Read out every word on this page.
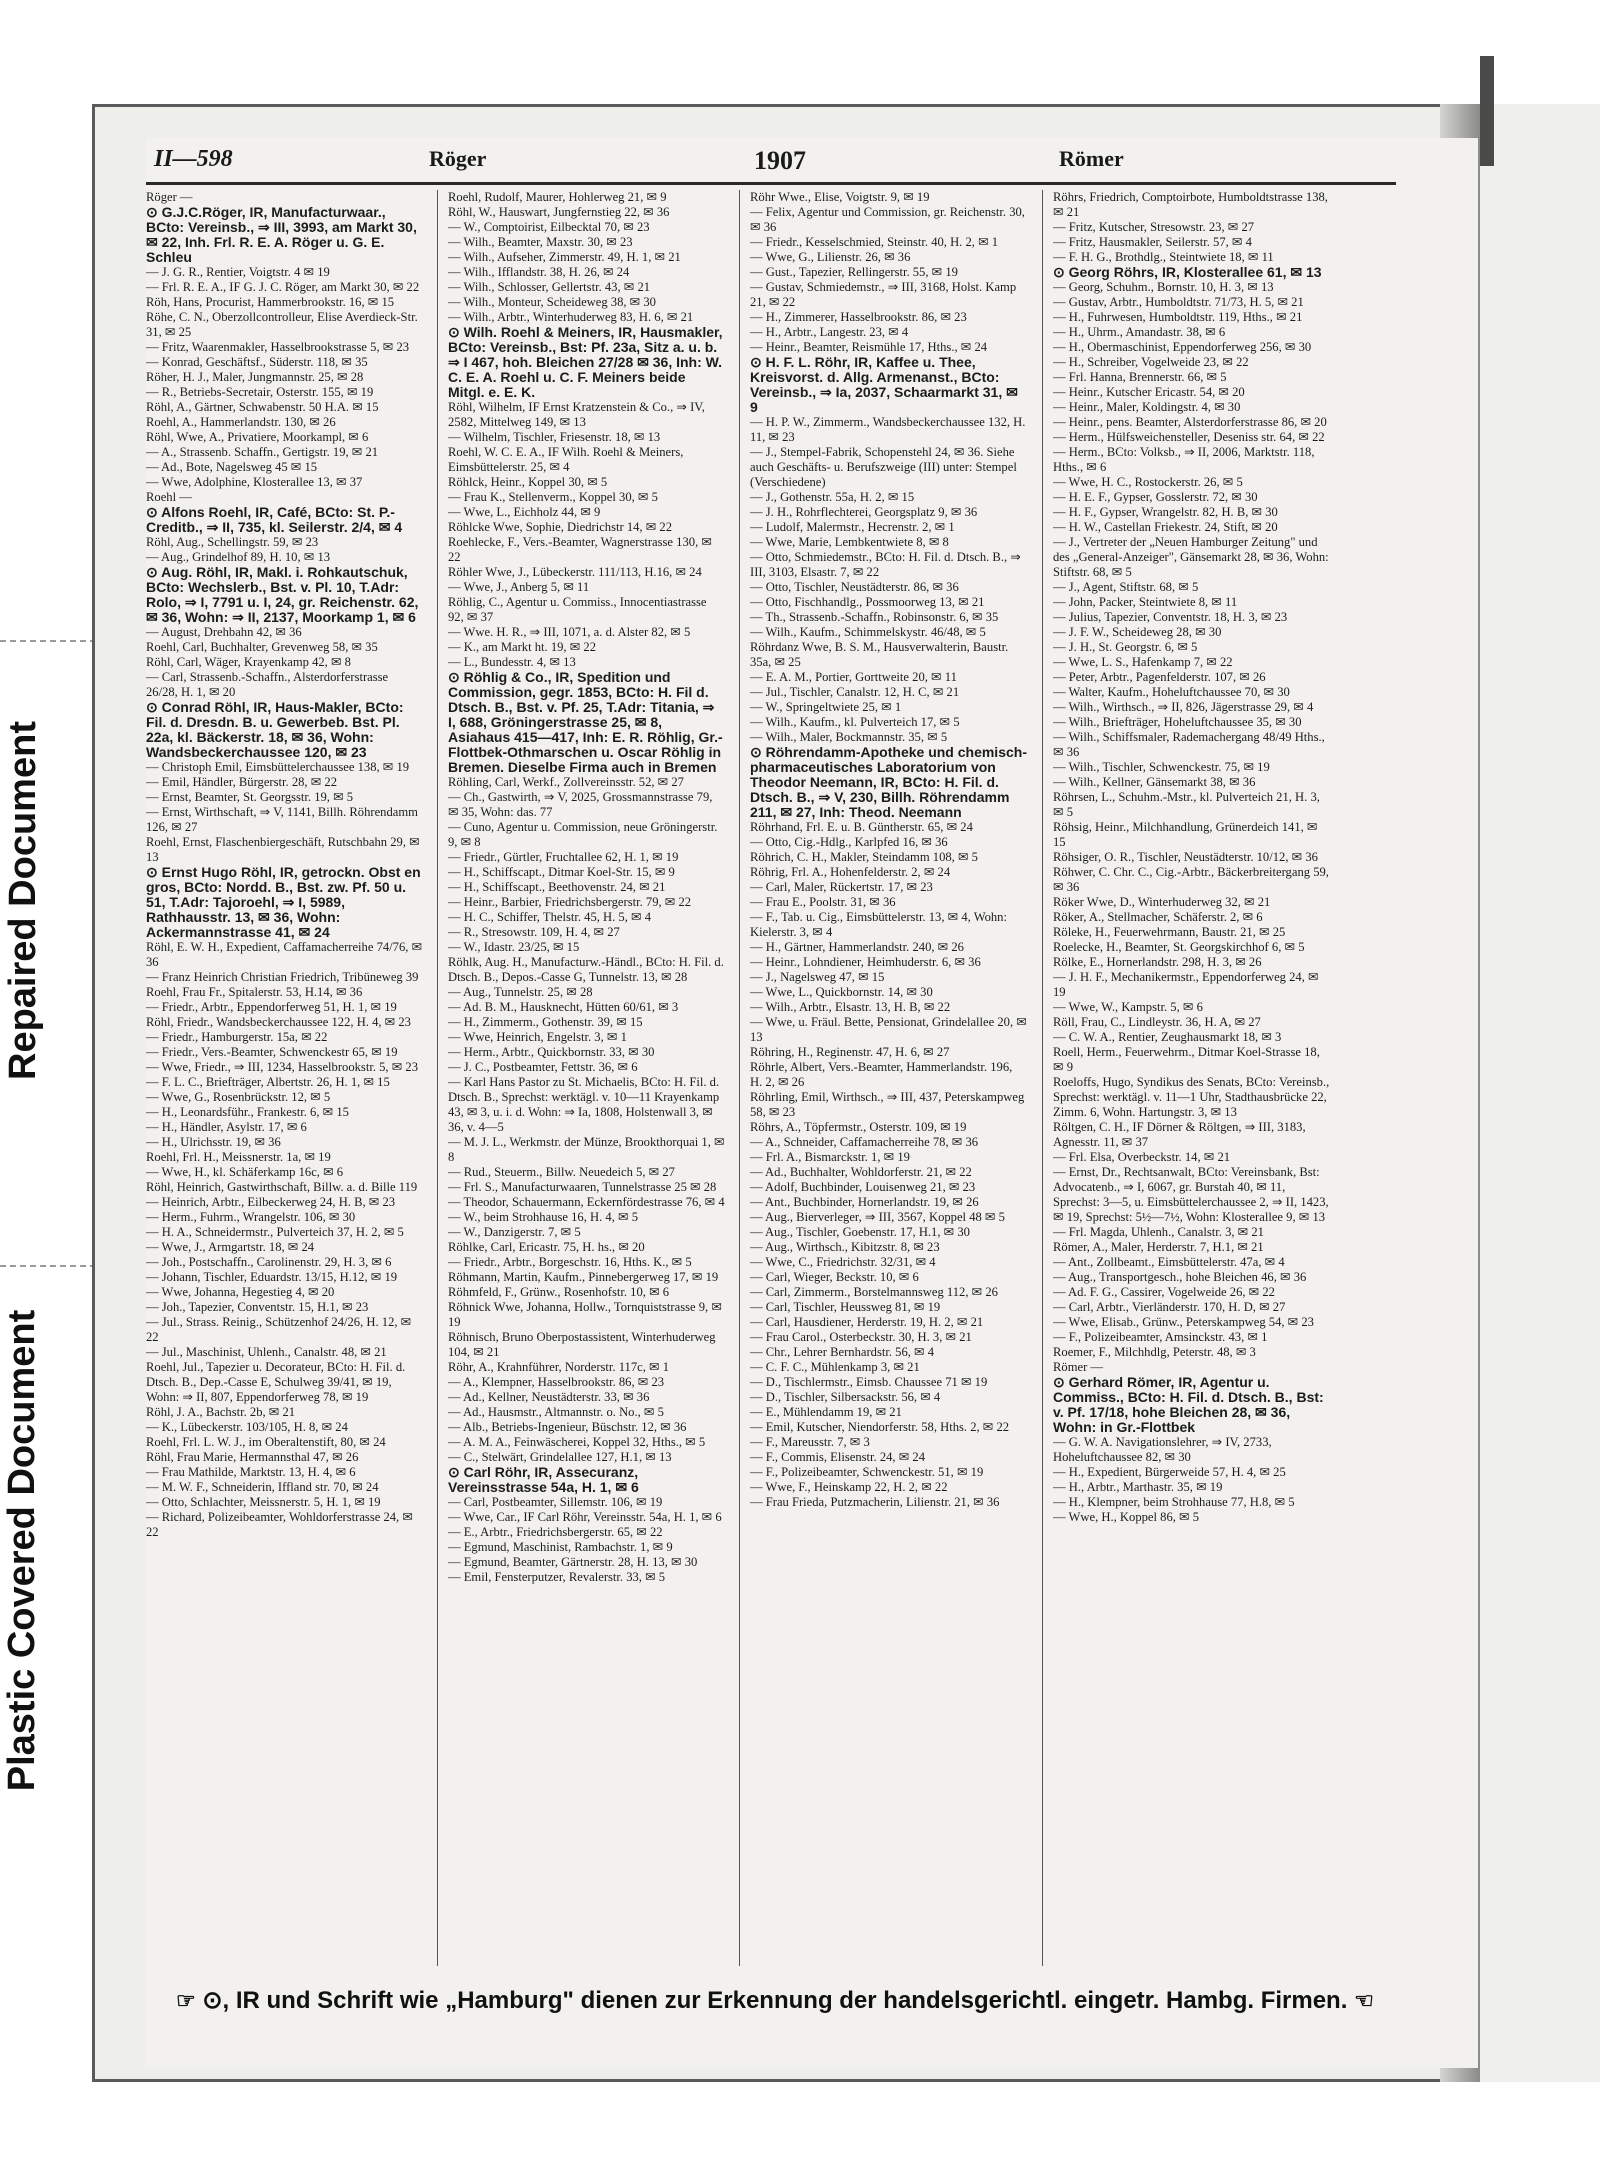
Repaired Document
Plastic Covered Document
II—598	Röger	1907	Römer
Röger —
⊙ G.J.C.Röger, IR, Manufacturwaar., BCto: Vereinsb., ⇒ III, 3993, am Markt 30, ✉ 22, Inh. Frl. R. E. A. Röger u. G. E. Schleu
— J. G. R., Rentier, Voigtstr. 4 ✉ 19
— Frl. R. E. A., IF G. J. C. Röger, am Markt 30, ✉ 22
Röh, Hans, Procurist, Hammerbrookstr. 16, ✉ 15
Röhe, C. N., Oberzollcontrolleur, Elise Averdieck-Str. 31, ✉ 25
— Fritz, Waarenmakler, Hasselbrookstrasse 5, ✉ 23
— Konrad, Geschäftsf., Süderstr. 118, ✉ 35
Röher, H. J., Maler, Jungmannstr. 25, ✉ 28
— R., Betriebs-Secretair, Osterstr. 155, ✉ 19
Röhl, A., Gärtner, Schwabenstr. 50 H.A. ✉ 15
Roehl, A., Hammerlandstr. 130, ✉ 26
Röhl, Wwe, A., Privatiere, Moorkampl, ✉ 6
— A., Strassenb. Schaffn., Gertigstr. 19, ✉ 21
— Ad., Bote, Nagelsweg 45 ✉ 15
— Wwe, Adolphine, Klosterallee 13, ✉ 37
Roehl —
⊙ Alfons Roehl, IR, Café, BCto: St. P.-Creditb., ⇒ II, 735, kl. Seilerstr. 2/4, ✉ 4
Röhl, Aug., Schellingstr. 59, ✉ 23
— Aug., Grindelhof 89, H. 10, ✉ 13
⊙ Aug. Röhl, IR, Makl. i. Rohkautschuk, BCto: Wechslerb., Bst. v. Pl. 10, T.Adr: Rolo, ⇒ I, 7791 u. I, 24, gr. Reichenstr. 62, ✉ 36, Wohn: ⇒ II, 2137, Moorkamp 1, ✉ 6
— August, Drehbahn 42, ✉ 36
Roehl, Carl, Buchhalter, Grevenweg 58, ✉ 35
Röhl, Carl, Wäger, Krayenkamp 42, ✉ 8
— Carl, Strassenb.-Schaffn., Alsterdorferstrasse 26/28, H. 1, ✉ 20
⊙ Conrad Röhl, IR, Haus-Makler, BCto: Fil. d. Dresdn. B. u. Gewerbeb. Bst. Pl. 22a, kl. Bäckerstr. 18, ✉ 36, Wohn: Wandsbeckerchaussee 120, ✉ 23
— Christoph Emil, Eimsbüttelerchaussee 138, ✉ 19
— Emil, Händler, Bürgerstr. 28, ✉ 22
— Ernst, Beamter, St. Georgsstr. 19, ✉ 5
— Ernst, Wirthschaft, ⇒ V, 1141, Billh. Röhrendamm 126, ✉ 27
Roehl, Ernst, Flaschenbiergeschäft, Rutschbahn 29, ✉ 13
⊙ Ernst Hugo Röhl, IR, getrockn. Obst en gros, BCto: Nordd. B., Bst. zw. Pf. 50 u. 51, T.Adr: Tajoroehl, ⇒ I, 5989, Rathhausstr. 13, ✉ 36, Wohn: Ackermannstrasse 41, ✉ 24
Röhl, E. W. H., Expedient, Caffamacherreihe 74/76, ✉ 36
— Franz Heinrich Christian Friedrich, Tribüneweg 39
Roehl, Frau Fr., Spitalerstr. 53, H.14, ✉ 36
— Friedr., Arbtr., Eppendorferweg 51, H. 1, ✉ 19
Röhl, Friedr., Wandsbeckerchaussee 122, H. 4, ✉ 23
— Friedr., Hamburgerstr. 15a, ✉ 22
— Friedr., Vers.-Beamter, Schwenckestr 65, ✉ 19
— Wwe, Friedr., ⇒ III, 1234, Hasselbrookstr. 5, ✉ 23
— F. L. C., Briefträger, Albertstr. 26, H. 1, ✉ 15
— Wwe, G., Rosenbrückstr. 12, ✉ 5
— H., Leonardsführ., Frankestr. 6, ✉ 15
— H., Händler, Asylstr. 17, ✉ 6
— H., Ulrichsstr. 19, ✉ 36
Roehl, Frl. H., Meissnerstr. 1a, ✉ 19
— Wwe, H., kl. Schäferkamp 16c, ✉ 6
Röhl, Heinrich, Gastwirthschaft, Billw. a. d. Bille 119
— Heinrich, Arbtr., Eilbeckerweg 24, H. B, ✉ 23
— Herm., Fuhrm., Wrangelstr. 106, ✉ 30
— H. A., Schneidermstr., Pulverteich 37, H. 2, ✉ 5
— Wwe, J., Armgartstr. 18, ✉ 24
— Joh., Postschaffn., Carolinenstr. 29, H. 3, ✉ 6
— Johann, Tischler, Eduardstr. 13/15, H.12, ✉ 19
— Wwe, Johanna, Hegestieg 4, ✉ 20
— Joh., Tapezier, Conventstr. 15, H.1, ✉ 23
— Jul., Strass. Reinig., Schützenhof 24/26, H. 12, ✉ 22
— Jul., Maschinist, Uhlenh., Canalstr. 48, ✉ 21
Roehl, Jul., Tapezier u. Decorateur, BCto: H. Fil. d. Dtsch. B., Dep.-Casse E, Schulweg 39/41, ✉ 19, Wohn: ⇒ II, 807, Eppendorferweg 78, ✉ 19
Röhl, J. A., Bachstr. 2b, ✉ 21
— K., Lübeckerstr. 103/105, H. 8, ✉ 24
Roehl, Frl. L. W. J., im Oberaltenstift, 80, ✉ 24
Röhl, Frau Marie, Hermannsthal 47, ✉ 26
— Frau Mathilde, Marktstr. 13, H. 4, ✉ 6
— M. W. F., Schneiderin, Iffland str. 70, ✉ 24
— Otto, Schlachter, Meissnerstr. 5, H. 1, ✉ 19
— Richard, Polizeibeamter, Wohldorferstrasse 24, ✉ 22
Roehl, Rudolf, Maurer, Hohlerweg 21, ✉ 9
Röhl, W., Hauswart, Jungfernstieg 22, ✉ 36
— W., Comptoirist, Eilbecktal 70, ✉ 23
— Wilh., Beamter, Maxstr. 30, ✉ 23
— Wilh., Aufseher, Zimmerstr. 49, H. 1, ✉ 21
— Wilh., Ifflandstr. 38, H. 26, ✉ 24
— Wilh., Schlosser, Gellertstr. 43, ✉ 21
— Wilh., Monteur, Scheideweg 38, ✉ 30
— Wilh., Arbtr., Winterhuderweg 83, H. 6, ✉ 21
⊙ Wilh. Roehl & Meiners, IR, Hausmakler, BCto: Vereinsb., Bst: Pf. 23a, Sitz a. u. b. ⇒ I 467, hoh. Bleichen 27/28 ✉ 36, Inh: W. C. E. A. Roehl u. C. F. Meiners beide Mitgl. e. E. K.
Röhl, Wilhelm, IF Ernst Kratzenstein & Co., ⇒ IV, 2582, Mittelweg 149, ✉ 13
— Wilhelm, Tischler, Friesenstr. 18, ✉ 13
Roehl, W. C. E. A., IF Wilh. Roehl & Meiners, Eimsbüttelerstr. 25, ✉ 4
Röhlck, Heinr., Koppel 30, ✉ 5
— Frau K., Stellenverm., Koppel 30, ✉ 5
— Wwe, L., Eichholz 44, ✉ 9
Röhlcke Wwe, Sophie, Diedrichstr 14, ✉ 22
Roehlecke, F., Vers.-Beamter, Wagnerstrasse 130, ✉ 22
Röhler Wwe, J., Lübeckerstr. 111/113, H.16, ✉ 24
— Wwe, J., Anberg 5, ✉ 11
Röhlig, C., Agentur u. Commiss., Innocentiastrasse 92, ✉ 37
— Wwe. H. R., ⇒ III, 1071, a. d. Alster 82, ✉ 5
— K., am Markt ht. 19, ✉ 22
— L., Bundesstr. 4, ✉ 13
⊙ Röhlig & Co., IR, Spedition und Commission, gegr. 1853, BCto: H. Fil d. Dtsch. B., Bst. v. Pf. 25, T.Adr: Titania, ⇒ I, 688, Gröningerstrasse 25, ✉ 8, Asiahaus 415—417, Inh: E. R. Röhlig, Gr.-Flottbek-Othmarschen u. Oscar Röhlig in Bremen. Dieselbe Firma auch in Bremen
Röhling, Carl, Werkf., Zollvereinsstr. 52, ✉ 27
— Ch., Gastwirth, ⇒ V, 2025, Grossmannstrasse 79, ✉ 35, Wohn: das. 77
— Cuno, Agentur u. Commission, neue Gröningerstr. 9, ✉ 8
— Friedr., Gürtler, Fruchtallee 62, H. 1, ✉ 19
— H., Schiffscapt., Ditmar Koel-Str. 15, ✉ 9
— H., Schiffscapt., Beethovenstr. 24, ✉ 21
— Heinr., Barbier, Friedrichsbergerstr. 79, ✉ 22
— H. C., Schiffer, Thelstr. 45, H. 5, ✉ 4
— R., Stresowstr. 109, H. 4, ✉ 27
— W., Idastr. 23/25, ✉ 15
Röhlk, Aug. H., Manufacturw.-Händl., BCto: H. Fil. d. Dtsch. B., Depos.-Casse G, Tunnelstr. 13, ✉ 28
— Aug., Tunnelstr. 25, ✉ 28
— Ad. B. M., Hausknecht, Hütten 60/61, ✉ 3
— H., Zimmerm., Gothenstr. 39, ✉ 15
— Wwe, Heinrich, Engelstr. 3, ✉ 1
— Herm., Arbtr., Quickbornstr. 33, ✉ 30
— J. C., Postbeamter, Fettstr. 36, ✉ 6
— Karl Hans Pastor zu St. Michaelis, BCto: H. Fil. d. Dtsch. B., Sprechst: werktägl. v. 10—11 Krayenkamp 43, ✉ 3, u. i. d. Wohn: ⇒ Ia, 1808, Holstenwall 3, ✉ 36, v. 4—5
— M. J. L., Werkmstr. der Münze, Brookthorquai 1, ✉ 8
— Rud., Steuerm., Billw. Neuedeich 5, ✉ 27
— Frl. S., Manufacturwaaren, Tunnelstrasse 25 ✉ 28
— Theodor, Schauermann, Eckernfördestrasse 76, ✉ 4
— W., beim Strohhause 16, H. 4, ✉ 5
— W., Danzigerstr. 7, ✉ 5
Röhlke, Carl, Ericastr. 75, H. hs., ✉ 20
— Friedr., Arbtr., Borgeschstr. 16, Hths. K., ✉ 5
Röhmann, Martin, Kaufm., Pinnebergerweg 17, ✉ 19
Röhmfeld, F., Grünw., Rosenhofstr. 10, ✉ 6
Röhnick Wwe, Johanna, Hollw., Tornquiststrasse 9, ✉ 19
Röhnisch, Bruno Oberpostassistent, Winterhuderweg 104, ✉ 21
Röhr, A., Krahnführer, Norderstr. 117c, ✉ 1
— A., Klempner, Hasselbrookstr. 86, ✉ 23
— Ad., Kellner, Neustädterstr. 33, ✉ 36
— Ad., Hausmstr., Altmannstr. o. No., ✉ 5
— Alb., Betriebs-Ingenieur, Büschstr. 12, ✉ 36
— A. M. A., Feinwäscherei, Koppel 32, Hths., ✉ 5
— C., Stelwärt, Grindelallee 127, H.1, ✉ 13
⊙ Carl Röhr, IR, Assecuranz, Vereinsstrasse 54a, H. 1, ✉ 6
— Carl, Postbeamter, Sillemstr. 106, ✉ 19
— Wwe, Car., IF Carl Röhr, Vereinsstr. 54a, H. 1, ✉ 6
— E., Arbtr., Friedrichsbergerstr. 65, ✉ 22
— Egmund, Maschinist, Rambachstr. 1, ✉ 9
— Egmund, Beamter, Gärtnerstr. 28, H. 13, ✉ 30
— Emil, Fensterputzer, Revalerstr. 33, ✉ 5
Röhr Wwe., Elise, Voigtstr. 9, ✉ 19
— Felix, Agentur und Commission, gr. Reichenstr. 30, ✉ 36
— Friedr., Kesselschmied, Steinstr. 40, H. 2, ✉ 1
— Wwe, G., Lilienstr. 26, ✉ 36
— Gust., Tapezier, Rellingerstr. 55, ✉ 19
— Gustav, Schmiedemstr., ⇒ III, 3168, Holst. Kamp 21, ✉ 22
— H., Zimmerer, Hasselbrookstr. 86, ✉ 23
— H., Arbtr., Langestr. 23, ✉ 4
— Heinr., Beamter, Reismühle 17, Hths., ✉ 24
⊙ H. F. L. Röhr, IR, Kaffee u. Thee, Kreisvorst. d. Allg. Armenanst., BCto: Vereinsb., ⇒ Ia, 2037, Schaarmarkt 31, ✉ 9
— H. P. W., Zimmerm., Wandsbeckerchaussee 132, H. 11, ✉ 23
— J., Stempel-Fabrik, Schopenstehl 24, ✉ 36. Siehe auch Geschäfts- u. Berufszweige (III) unter: Stempel (Verschiedene)
— J., Gothenstr. 55a, H. 2, ✉ 15
— J. H., Rohrflechterei, Georgsplatz 9, ✉ 36
— Ludolf, Malermstr., Hecrenstr. 2, ✉ 1
— Wwe, Marie, Lembkentwiete 8, ✉ 8
— Otto, Schmiedemstr., BCto: H. Fil. d. Dtsch. B., ⇒ III, 3103, Elsastr. 7, ✉ 22
— Otto, Tischler, Neustädterstr. 86, ✉ 36
— Otto, Fischhandlg., Possmoorweg 13, ✉ 21
— Th., Strassenb.-Schaffn., Robinsonstr. 6, ✉ 35
— Wilh., Kaufm., Schimmelskystr. 46/48, ✉ 5
Röhrdanz Wwe, B. S. M., Hausverwalterin, Baustr. 35a, ✉ 25
— E. A. M., Portier, Gorttweite 20, ✉ 11
— Jul., Tischler, Canalstr. 12, H. C, ✉ 21
— W., Springeltwiete 25, ✉ 1
— Wilh., Kaufm., kl. Pulverteich 17, ✉ 5
— Wilh., Maler, Bockmannstr. 35, ✉ 5
⊙ Röhrendamm-Apotheke und chemisch-pharmaceutisches Laboratorium von Theodor Neemann, IR, BCto: H. Fil. d. Dtsch. B., ⇒ V, 230, Billh. Röhrendamm 211, ✉ 27, Inh: Theod. Neemann
Röhrhand, Frl. E. u. B. Güntherstr. 65, ✉ 24
— Otto, Cig.-Hdlg., Karlpfed 16, ✉ 36
Röhrich, C. H., Makler, Steindamm 108, ✉ 5
Röhrig, Frl. A., Hohenfelderstr. 2, ✉ 24
— Carl, Maler, Rückertstr. 17, ✉ 23
— Frau E., Poolstr. 31, ✉ 36
— F., Tab. u. Cig., Eimsbüttelerstr. 13, ✉ 4, Wohn: Kielerstr. 3, ✉ 4
— H., Gärtner, Hammerlandstr. 240, ✉ 26
— Heinr., Lohndiener, Heimhuderstr. 6, ✉ 36
— J., Nagelsweg 47, ✉ 15
— Wwe, L., Quickbornstr. 14, ✉ 30
— Wilh., Arbtr., Elsastr. 13, H. B, ✉ 22
— Wwe, u. Fräul. Bette, Pensionat, Grindelallee 20, ✉ 13
Röhring, H., Reginenstr. 47, H. 6, ✉ 27
Röhrle, Albert, Vers.-Beamter, Hammerlandstr. 196, H. 2, ✉ 26
Röhrling, Emil, Wirthsch., ⇒ III, 437, Peterskampweg 58, ✉ 23
Röhrs, A., Töpfermstr., Osterstr. 109, ✉ 19
— A., Schneider, Caffamacherreihe 78, ✉ 36
— Frl. A., Bismarckstr. 1, ✉ 19
— Ad., Buchhalter, Wohldorferstr. 21, ✉ 22
— Adolf, Buchbinder, Louisenweg 21, ✉ 23
— Ant., Buchbinder, Hornerlandstr. 19, ✉ 26
— Aug., Bierverleger, ⇒ III, 3567, Koppel 48 ✉ 5
— Aug., Tischler, Goebenstr. 17, H.1, ✉ 30
— Aug., Wirthsch., Kibitzstr. 8, ✉ 23
— Wwe, C., Friedrichstr. 32/31, ✉ 4
— Carl, Wieger, Beckstr. 10, ✉ 6
— Carl, Zimmerm., Borstelmannsweg 112, ✉ 26
— Carl, Tischler, Heussweg 81, ✉ 19
— Carl, Hausdiener, Herderstr. 19, H. 2, ✉ 21
— Frau Carol., Osterbeckstr. 30, H. 3, ✉ 21
— Chr., Lehrer Bernhardstr. 56, ✉ 4
— C. F. C., Mühlenkamp 3, ✉ 21
— D., Tischlermstr., Eimsb. Chaussee 71 ✉ 19
— D., Tischler, Silbersackstr. 56, ✉ 4
— E., Mühlendamm 19, ✉ 21
— Emil, Kutscher, Niendorferstr. 58, Hths. 2, ✉ 22
— F., Mareusstr. 7, ✉ 3
— F., Commis, Elisenstr. 24, ✉ 24
— F., Polizeibeamter, Schwenckestr. 51, ✉ 19
— Wwe, F., Heinskamp 22, H. 2, ✉ 22
— Frau Frieda, Putzmacherin, Lilienstr. 21, ✉ 36
Röhrs, Friedrich, Comptoirbote, Humboldtstrasse 138, ✉ 21
— Fritz, Kutscher, Stresowstr. 23, ✉ 27
— Fritz, Hausmakler, Seilerstr. 57, ✉ 4
— F. H. G., Brothdlg., Steintwiete 18, ✉ 11
⊙ Georg Röhrs, IR, Klosterallee 61, ✉ 13
— Georg, Schuhm., Bornstr. 10, H. 3, ✉ 13
— Gustav, Arbtr., Humboldtstr. 71/73, H. 5, ✉ 21
— H., Fuhrwesen, Humboldtstr. 119, Hths., ✉ 21
— H., Uhrm., Amandastr. 38, ✉ 6
— H., Obermaschinist, Eppendorferweg 256, ✉ 30
— H., Schreiber, Vogelweide 23, ✉ 22
— Frl. Hanna, Brennerstr. 66, ✉ 5
— Heinr., Kutscher Ericastr. 54, ✉ 20
— Heinr., Maler, Koldingstr. 4, ✉ 30
— Heinr., pens. Beamter, Alsterdorferstrasse 86, ✉ 20
— Herm., Hülfsweichensteller, Deseniss str. 64, ✉ 22
— Herm., BCto: Volksb., ⇒ II, 2006, Marktstr. 118, Hths., ✉ 6
— Wwe, H. C., Rostockerstr. 26, ✉ 5
— H. E. F., Gypser, Gosslerstr. 72, ✉ 30
— H. F., Gypser, Wrangelstr. 82, H. B, ✉ 30
— H. W., Castellan Friekestr. 24, Stift, ✉ 20
— J., Vertreter der „Neuen Hamburger Zeitung" und des „General-Anzeiger", Gänsemarkt 28, ✉ 36, Wohn: Stiftstr. 68, ✉ 5
— J., Agent, Stiftstr. 68, ✉ 5
— John, Packer, Steintwiete 8, ✉ 11
— Julius, Tapezier, Conventstr. 18, H. 3, ✉ 23
— J. F. W., Scheideweg 28, ✉ 30
— J. H., St. Georgstr. 6, ✉ 5
— Wwe, L. S., Hafenkamp 7, ✉ 22
— Peter, Arbtr., Pagenfelderstr. 107, ✉ 26
— Walter, Kaufm., Hoheluftchaussee 70, ✉ 30
— Wilh., Wirthsch., ⇒ II, 826, Jägerstrasse 29, ✉ 4
— Wilh., Briefträger, Hoheluftchaussee 35, ✉ 30
— Wilh., Schiffsmaler, Rademachergang 48/49 Hths., ✉ 36
— Wilh., Tischler, Schwenckestr. 75, ✉ 19
— Wilh., Kellner, Gänsemarkt 38, ✉ 36
Röhrsen, L., Schuhm.-Mstr., kl. Pulverteich 21, H. 3, ✉ 5
Röhsig, Heinr., Milchhandlung, Grünerdeich 141, ✉ 15
Röhsiger, O. R., Tischler, Neustädterstr. 10/12, ✉ 36
Röhwer, C. Chr. C., Cig.-Arbtr., Bäckerbreitergang 59, ✉ 36
Röker Wwe, D., Winterhuderweg 32, ✉ 21
Röker, A., Stellmacher, Schäferstr. 2, ✉ 6
Röleke, H., Feuerwehrmann, Baustr. 21, ✉ 25
Roelecke, H., Beamter, St. Georgskirchhof 6, ✉ 5
Rölke, E., Hornerlandstr. 298, H. 3, ✉ 26
— J. H. F., Mechanikermstr., Eppendorferweg 24, ✉ 19
— Wwe, W., Kampstr. 5, ✉ 6
Röll, Frau, C., Lindleystr. 36, H. A, ✉ 27
— C. W. A., Rentier, Zeughausmarkt 18, ✉ 3
Roell, Herm., Feuerwehrm., Ditmar Koel-Strasse 18, ✉ 9
Roeloffs, Hugo, Syndikus des Senats, BCto: Vereinsb., Sprechst: werktägl. v. 11—1 Uhr, Stadthausbrücke 22, Zimm. 6, Wohn. Hartungstr. 3, ✉ 13
Röltgen, C. H., IF Dörner & Röltgen, ⇒ III, 3183, Agnesstr. 11, ✉ 37
— Frl. Elsa, Overbeckstr. 14, ✉ 21
— Ernst, Dr., Rechtsanwalt, BCto: Vereinsbank, Bst: Advocatenb., ⇒ I, 6067, gr. Burstah 40, ✉ 11, Sprechst: 3—5, u. Eimsbüttelerchaussee 2, ⇒ II, 1423, ✉ 19, Sprechst: 5½—7½, Wohn: Klosterallee 9, ✉ 13
— Frl. Magda, Uhlenh., Canalstr. 3, ✉ 21
Römer, A., Maler, Herderstr. 7, H.1, ✉ 21
— Ant., Zollbeamt., Eimsbüttelerstr. 47a, ✉ 4
— Aug., Transportgesch., hohe Bleichen 46, ✉ 36
— Ad. F. G., Cassirer, Vogelweide 26, ✉ 22
— Carl, Arbtr., Vierländerstr. 170, H. D, ✉ 27
— Wwe, Elisab., Grünw., Peterskampweg 54, ✉ 23
— F., Polizeibeamter, Amsinckstr. 43, ✉ 1
Roemer, F., Milchhdlg, Peterstr. 48, ✉ 3
Römer —
⊙ Gerhard Römer, IR, Agentur u. Commiss., BCto: H. Fil. d. Dtsch. B., Bst: v. Pf. 17/18, hohe Bleichen 28, ✉ 36, Wohn: in Gr.-Flottbek
— G. W. A. Navigationslehrer, ⇒ IV, 2733, Hoheluftchaussee 82, ✉ 30
— H., Expedient, Bürgerweide 57, H. 4, ✉ 25
— H., Arbtr., Marthastr. 35, ✉ 19
— H., Klempner, beim Strohhause 77, H.8, ✉ 5
— Wwe, H., Koppel 86, ✉ 5
☞ ⊙, IR und Schrift wie „Hamburg" dienen zur Erkennung der handelsgerichtl. eingetr. Hambg. Firmen. ☜
